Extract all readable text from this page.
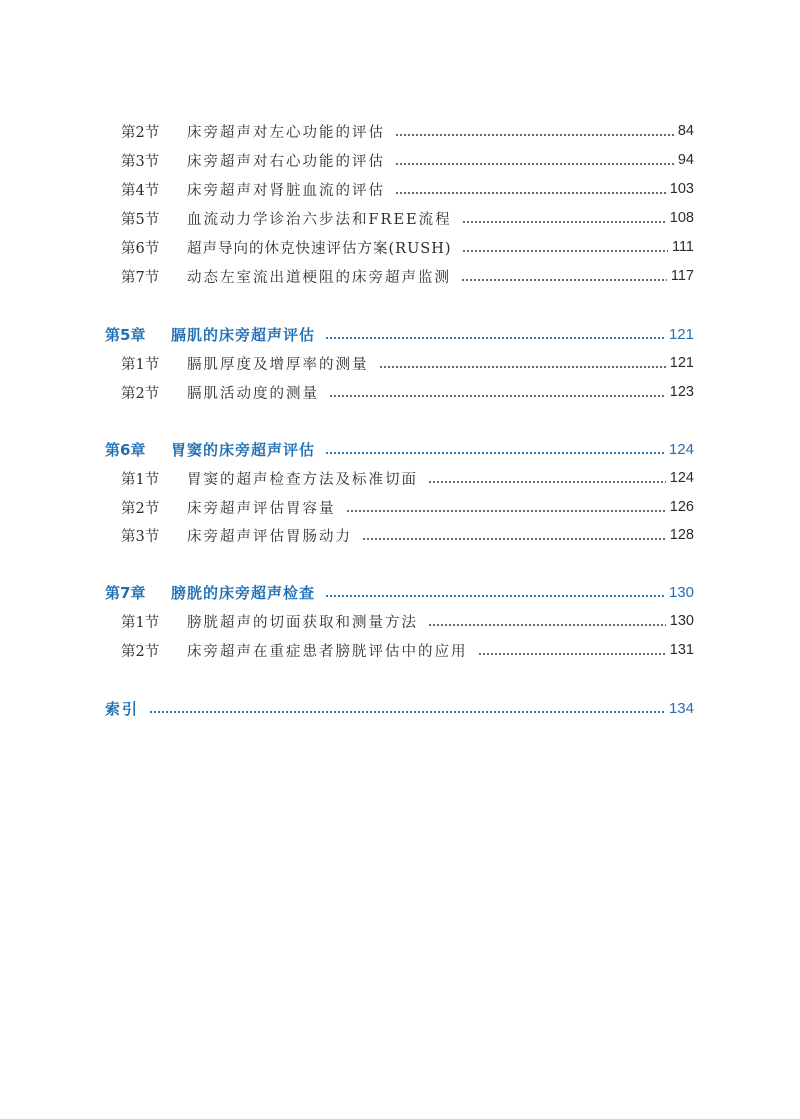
第2节	床旁超声对左心功能的评估	84
第3节	床旁超声对右心功能的评估	94
第4节	床旁超声对肾脏血流的评估	103
第5节	血流动力学诊治六步法和FREE流程	108
第6节	超声导向的休克快速评估方案(RUSH)	111
第7节	动态左室流出道梗阻的床旁超声监测	117
第5章	膈肌的床旁超声评估	121
第1节	膈肌厚度及增厚率的测量	121
第2节	膈肌活动度的测量	123
第6章	胃窦的床旁超声评估	124
第1节	胃窦的超声检查方法及标准切面	124
第2节	床旁超声评估胃容量	126
第3节	床旁超声评估胃肠动力	128
第7章	膀胱的床旁超声检查	130
第1节	膀胱超声的切面获取和测量方法	130
第2节	床旁超声在重症患者膀胱评估中的应用	131
索引	134
